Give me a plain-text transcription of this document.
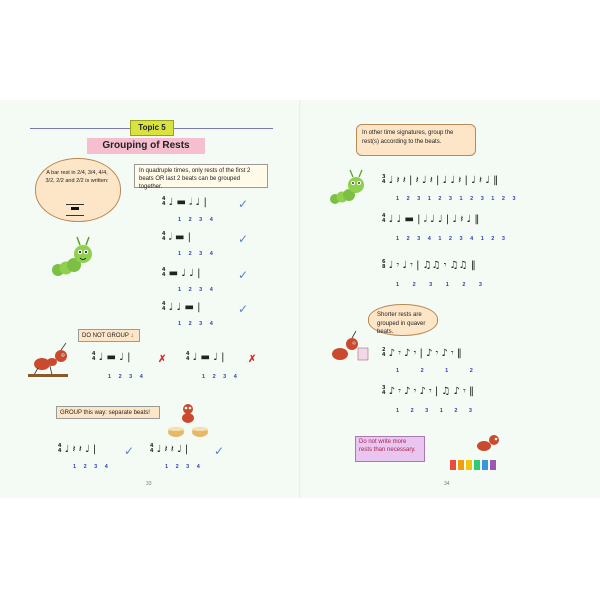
Topic 5
Grouping of Rests
A bar rest in 2/4, 3/4, 4/4, 3/2, 2/2 and 2/2 is written:
In quadruple times, only rests of the first 2 beats OR last 2 beats can be grouped together.
4
4 ♩ ▬ 𝅗𝅥 ♩ |
1 2 3 4
✓
4
4 𝅗𝅥 ▬ |
1 2 3 4
✓
4
4 ▬ ♩ ♩ |
1 2 3 4
✓
4
4 ♩ ♩ ▬ |
1 2 3 4
✓
DO NOT GROUP ↓
4
4 ♩ ▬ ♩ |
1 2 3 4
✗	4
4 ♩ ▬ ♩ |
1 2 3 4
✗
GROUP this way: separate beats!
4
4 ♩ 𝄽 𝄽 ♩ |
1 2 3 4
✓	4
4 ♩ 𝄽 𝄽 ♩ |
1 2 3 4
✓
33
In other time signatures, group the rest(s) according to the beats.
3
4 ♩ 𝄽 𝄽 | 𝄽 ♩ 𝄽 | ♩ ♩ 𝄽 | ♩ 𝄽 ♩ ‖
1 2 3 1 2 3 1 2 3 1 2 3
4
4 ♩ ♩ ▬ | 𝅗𝅥 ♩ ♩ | ♩ 𝄽 ♩ ‖
1 2 3 4 1 2 3 4 1 2 3
6
8 ♩ 𝄾 ♩ 𝄾 | ♫♫ 𝄾 ♫♫ ‖
1 2 3 1 2 3
Shorter rests are grouped in quaver beats.
2
4 ♪ 𝄾 ♪ 𝄾 | ♪ 𝄾 ♪ 𝄾 ‖
1 2 1 2
3
4 ♪ 𝄾 ♪ 𝄾 ♪ 𝄾 | ♫ ♪ 𝄾 ‖
1 2 3 1 2 3
Do not write more rests than necessary.
34
